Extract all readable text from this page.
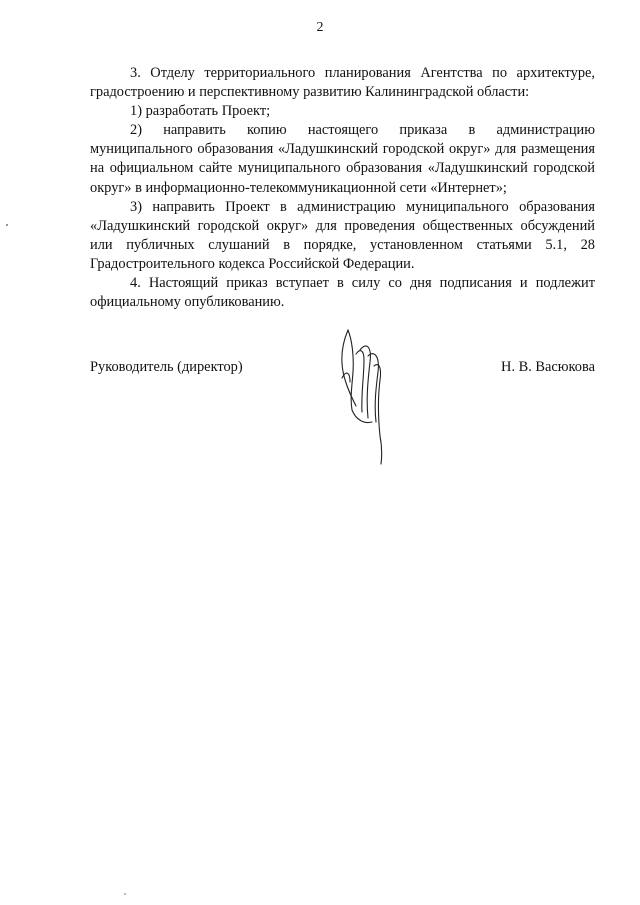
2

3. Отделу территориального планирования Агентства по архитектуре, градостроению и перспективному развитию Калининградской области:

1) разработать Проект;

2) направить копию настоящего приказа в администрацию муниципального образования «Ладушкинский городской округ» для размещения на официальном сайте муниципального образования «Ладушкинский городской округ» в информационно-телекоммуникационной сети «Интернет»;

3) направить Проект в администрацию муниципального образования «Ладушкинский городской округ» для проведения общественных обсуждений или публичных слушаний в порядке, установленном статьями 5.1, 28 Градостроительного кодекса Российской Федерации.

4. Настоящий приказ вступает в силу со дня подписания и подлежит официальному опубликованию.

Руководитель (директор)	Н. В. Васюкова
